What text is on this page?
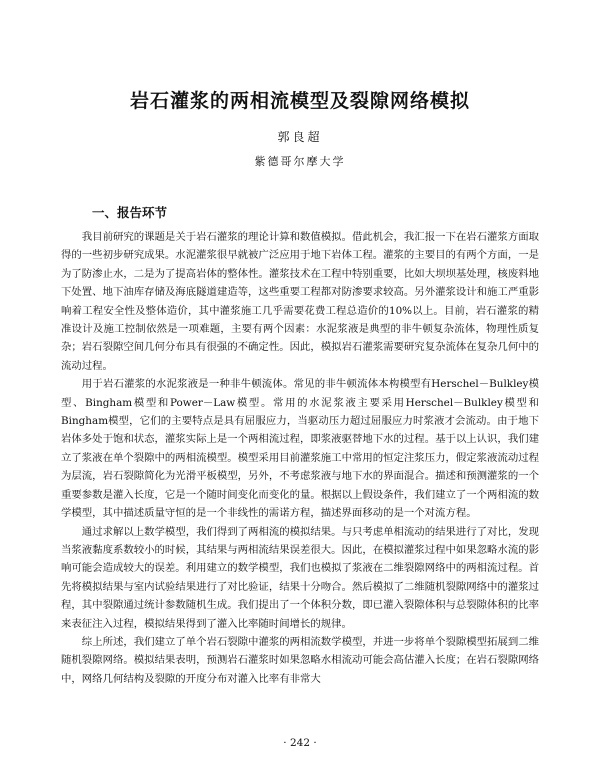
岩石灌浆的两相流模型及裂隙网络模拟
郭良超
紫德哥尔摩大学
一、报告环节

我目前研究的课题是关于岩石灌浆的理论计算和数值模拟。借此机会，我汇报一下在岩石灌浆方面取得的一些初步研究成果。水泥灌浆很早就被广泛应用于地下岩体工程。灌浆的主要目的有两个方面，一是为了防渗止水，二是为了提高岩体的整体性。灌浆技术在工程中特别重要，比如大坝坝基处理，核废料地下处置、地下油库存储及海底隧道建造等，这些重要工程都对防渗要求较高。另外灌浆设计和施工严重影响着工程安全性及整体造价，其中灌浆施工几乎需要花费工程总造价的10%以上。目前，岩石灌浆的精准设计及施工控制依然是一项难题，主要有两个因素：水泥浆液是典型的非牛顿复杂流体，物理性质复杂；岩石裂隙空间几何分布具有很强的不确定性。因此，模拟岩石灌浆需要研究复杂流体在复杂几何中的流动过程。

用于岩石灌浆的水泥浆液是一种非牛顿流体。常见的非牛顿流体本构模型有Herschel－Bulkley模型、Bingham模型和Power－Law模型。常用的水泥浆液主要采用Herschel－Bulkley模型和Bingham模型，它们的主要特点是具有屈服应力，当驱动压力超过屈服应力时浆液才会流动。由于地下岩体多处于饱和状态，灌浆实际上是一个两相流过程，即浆液驱替地下水的过程。基于以上认识，我们建立了浆液在单个裂隙中的两相流模型。模型采用目前灌浆施工中常用的恒定注浆压力，假定浆液流动过程为层流，岩石裂隙简化为光滑平板模型，另外，不考虑浆液与地下水的界面混合。描述和预测灌浆的一个重要参数是灌入长度，它是一个随时间变化而变化的量。根据以上假设条件，我们建立了一个两相流的数学模型，其中描述质量守恒的是一个非线性的需诺方程，描述界面移动的是一个对流方程。

通过求解以上数学模型，我们得到了两相流的模拟结果。与只考虑单相流动的结果进行了对比，发现当浆液黏度系数较小的时候，其结果与两相流结果误差很大。因此，在模拟灌浆过程中如果忽略水流的影响可能会造成较大的误差。利用建立的数学模型，我们也模拟了浆液在二维裂隙网络中的两相流过程。首先将模拟结果与室内试验结果进行了对比验证，结果十分吻合。然后模拟了二维随机裂隙网络中的灌浆过程，其中裂隙通过统计参数随机生成。我们提出了一个体积分数，即已灌入裂隙体积与总裂隙体积的比率来表征注入过程，模拟结果得到了灌入比率随时间增长的规律。

综上所述，我们建立了单个岩石裂隙中灌浆的两相流数学模型，并进一步将单个裂隙模型拓展到二维随机裂隙网络。模拟结果表明，预测岩石灌浆时如果忽略水相流动可能会高估灌入长度；在岩石裂隙网络中，网络几何结构及裂隙的开度分布对灌入比率有非常大

· 242 ·
